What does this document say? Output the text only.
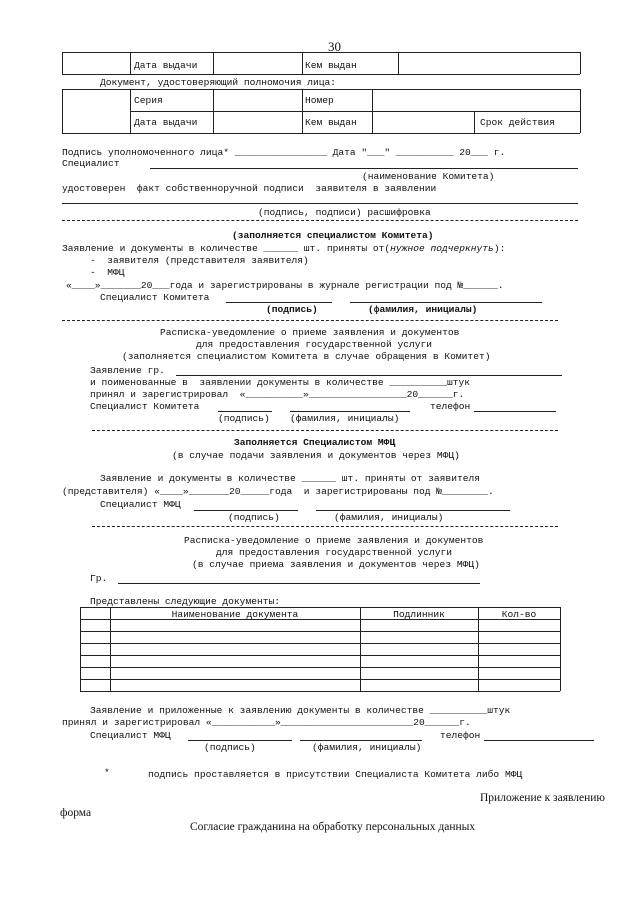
30
Дата выдачи	Кем выдан
Документ, удостоверяющий полномочия лица:
Серия	Номер
Дата выдачи	Кем выдан	Срок действия
Подпись уполномоченного лица* ________________ Дата "___" __________ 20___ г.
Специалист
(наименование Комитета)
удостоверен  факт собственноручной подписи  заявителя в заявлении
(подпись, подписи) расшифровка
(заполняется специалистом Комитета)
Заявление и документы в количестве ______ шт. приняты от(нужное подчеркнуть):
-  заявителя (представителя заявителя)
-  МФЦ
«____»_______20___года и зарегистрированы в журнале регистрации под №______.
Специалист Комитета
(подпись)	(фамилия, инициалы)
Расписка-уведомление о приеме заявления и документов
для предоставления государственной услуги
(заполняется специалистом Комитета в случае обращения в Комитет)
Заявление гр.
и поименованные в  заявлении документы в количестве __________штук
принял и зарегистрировал  «__________»_________________20______г.
Специалист Комитета	телефон
(подпись) (фамилия, инициалы)
Заполняется Специалистом МФЦ
(в случае подачи заявления и документов через МФЦ)
Заявление и документы в количестве ______ шт. приняты от заявителя
(представителя) «____»_______20_____года  и зарегистрированы под №________.
Специалист МФЦ
(подпись)	(фамилия, инициалы)
Расписка-уведомление о приеме заявления и документов
для предоставления государственной услуги
(в случае приема заявления и документов через МФЦ)
Гр.
Представлены следующие документы:
Наименование документа	Подлинник	Кол-во
Заявление и приложенные к заявлению документы в количестве __________штук
принял и зарегистрировал «___________»_______________________20______г.
Специалист МФЦ	телефон
(подпись)	(фамилия, инициалы)
*	подпись проставляется в присутствии Специалиста Комитета либо МФЦ
Приложение к заявлению
форма
Согласие гражданина на обработку персональных данных
